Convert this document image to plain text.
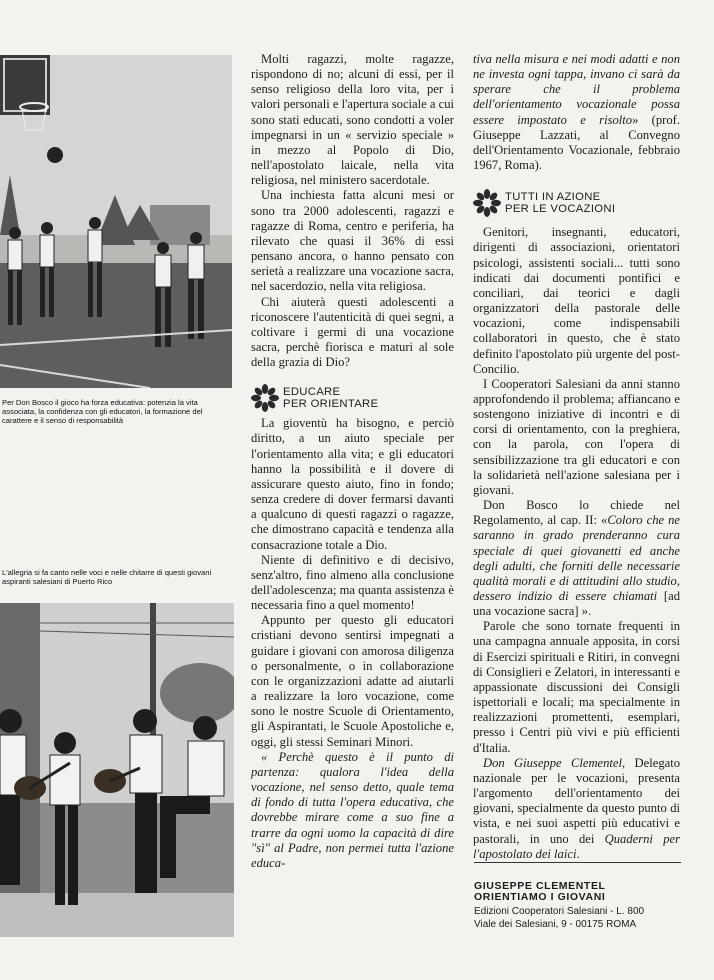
Per Don Bosco il gioco ha forza educativa: potenzia la vita associata, la confidenza con gli educatori, la formazione del carattere e il senso di responsabilità
L'allegria si fa canto nelle voci e nelle chitarre di questi giovani aspiranti salesiani di Puerto Rico

Molti ragazzi, molte ragazze, rispondono di no; alcuni di essi, per il senso religioso della loro vita, per i valori personali e l'apertura sociale a cui sono stati educati, sono condotti a voler impegnarsi in un « servizio speciale » in mezzo al Popolo di Dio, nell'apostolato laicale, nella vita religiosa, nel ministero sacerdotale.

Una inchiesta fatta alcuni mesi or sono tra 2000 adolescenti, ragazzi e ragazze di Roma, centro e periferia, ha rilevato che quasi il 36% di essi pensano ancora, o hanno pensato con serietà a realizzare una vocazione sacra, nel sacerdozio, nella vita religiosa.

Chi aiuterà questi adolescenti a riconoscere l'autenticità di quei segni, a coltivare i germi di una vocazione sacra, perchè fiorisca e maturi al sole della grazia di Dio?

EDUCARE
PER ORIENTARE

La gioventù ha bisogno, e perciò diritto, a un aiuto speciale per l'orientamento alla vita; e gli educatori hanno la possibilità e il dovere di assicurare questo aiuto, fino in fondo; senza credere di dover fermarsi davanti a qualcuno di questi ragazzi o ragazze, che dimostrano capacità e tendenza alla consacrazione totale a Dio.

Niente di definitivo e di decisivo, senz'altro, fino almeno alla conclusione dell'adolescenza; ma quanta assistenza è necessaria fino a quel momento!

Appunto per questo gli educatori cristiani devono sentirsi impegnati a guidare i giovani con amorosa diligenza o personalmente, o in collaborazione con le organizzazioni adatte ad aiutarli a realizzare la loro vocazione, come sono le nostre Scuole di Orientamento, gli Aspirantati, le Scuole Apostoliche e, oggi, gli stessi Seminari Minori.

« Perchè questo è il punto di partenza: qualora l'idea della vocazione, nel senso detto, quale tema di fondo di tutta l'opera educativa, che dovrebbe mirare come a suo fine a trarre da ogni uomo la capacità di dire "sì" al Padre, non permei tutta l'azione educa-

tiva nella misura e nei modi adatti e non ne investa ogni tappa, invano ci sarà da sperare che il problema dell'orientamento vocazionale possa essere impostato e risolto» (prof. Giuseppe Lazzati, al Convegno dell'Orientamento Vocazionale, febbraio 1967, Roma).

TUTTI IN AZIONE
PER LE VOCAZIONI

Genitori, insegnanti, educatori, dirigenti di associazioni, orientatori psicologi, assistenti sociali... tutti sono indicati dai documenti pontifici e conciliari, dai teorici e dagli organizzatori della pastorale delle vocazioni, come indispensabili collaboratori in questo, che è stato definito l'apostolato più urgente del post-Concilio.

I Cooperatori Salesiani da anni stanno approfondendo il problema; affiancano e sostengono iniziative di incontri e di corsi di orientamento, con la preghiera, con la parola, con l'opera di sensibilizzazione tra gli educatori e con la solidarietà nell'azione salesiana per i giovani.

Don Bosco lo chiede nel Regolamento, al cap. II: «Coloro che ne saranno in grado prenderanno cura speciale di quei giovanetti ed anche degli adulti, che forniti delle necessarie qualità morali e di attitudini allo studio, dessero indizio di essere chiamati [ad una vocazione sacra] ».

Parole che sono tornate frequenti in una campagna annuale apposita, in corsi di Esercizi spirituali e Ritiri, in convegni di Consiglieri e Zelatori, in interessanti e appassionate discussioni dei Consigli ispettoriali e locali; ma specialmente in realizzazioni promettenti, esemplari, presso i Centri più vivi e più efficienti d'Italia.

Don Giuseppe Clementel, Delegato nazionale per le vocazioni, presenta l'argomento dell'orientamento dei giovani, specialmente da questo punto di vista, e nei suoi aspetti più educativi e pastorali, in uno dei Quaderni per l'apostolato dei laici.

GIUSEPPE CLEMENTEL
ORIENTIAMO I GIOVANI
Edizioni Cooperatori Salesiani - L. 800
Viale dei Salesiani, 9 - 00175 ROMA
